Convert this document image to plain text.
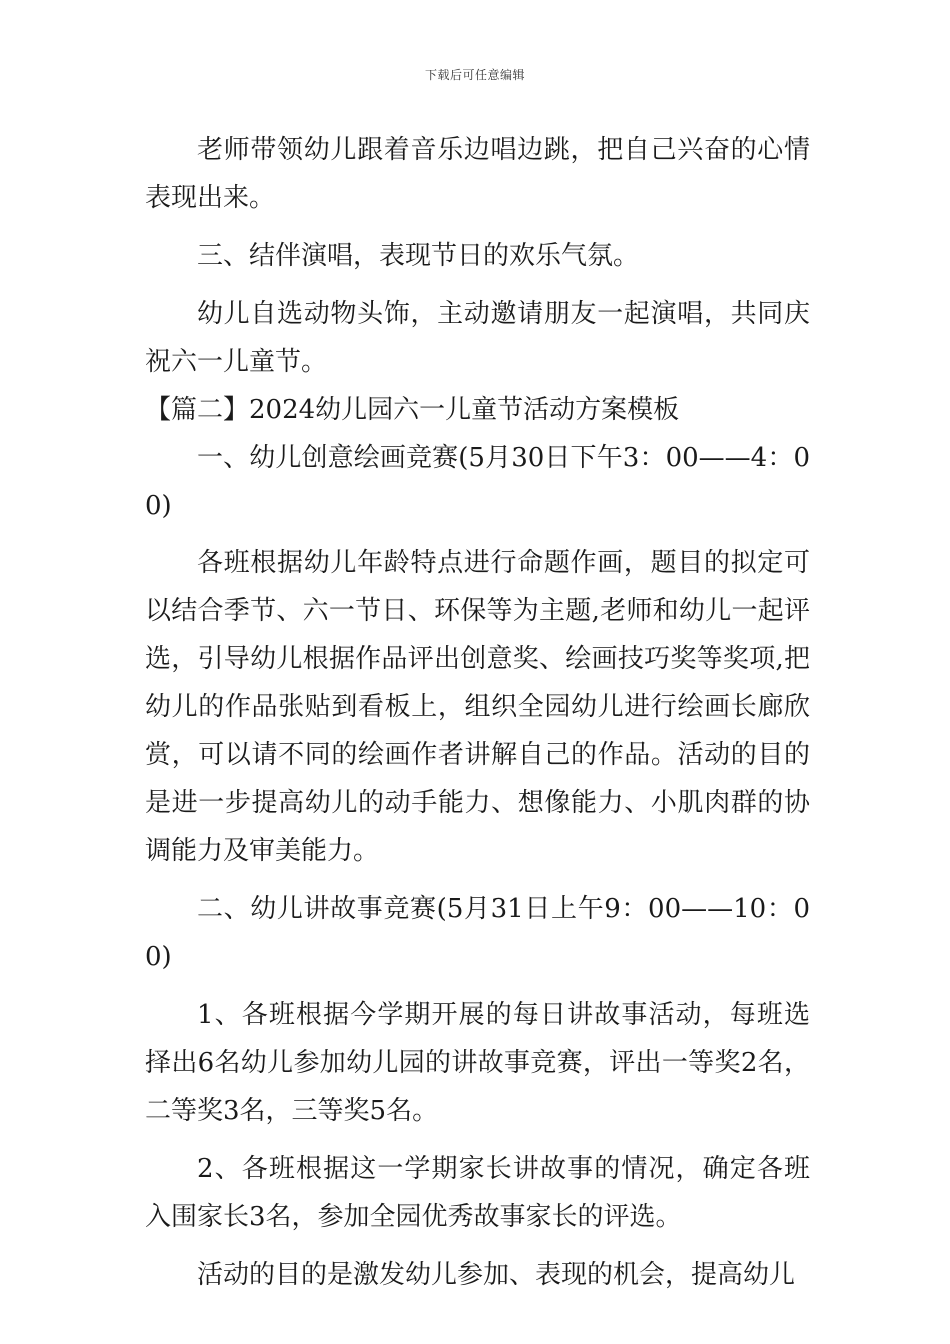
下载后可任意编辑

老师带领幼儿跟着音乐边唱边跳，把自己兴奋的心情表现出来。

三、结伴演唱，表现节日的欢乐气氛。

幼儿自选动物头饰，主动邀请朋友一起演唱，共同庆祝六一儿童节。

【篇二】2024幼儿园六一儿童节活动方案模板

一、幼儿创意绘画竞赛(5月30日下午3：00——4：00)

各班根据幼儿年龄特点进行命题作画，题目的拟定可以结合季节、六一节日、环保等为主题,老师和幼儿一起评选，引导幼儿根据作品评出创意奖、绘画技巧奖等奖项,把幼儿的作品张贴到看板上，组织全园幼儿进行绘画长廊欣赏，可以请不同的绘画作者讲解自己的作品。活动的目的是进一步提高幼儿的动手能力、想像能力、小肌肉群的协调能力及审美能力。

二、幼儿讲故事竞赛(5月31日上午9：00——10：00)

1、各班根据今学期开展的每日讲故事活动，每班选择出6名幼儿参加幼儿园的讲故事竞赛，评出一等奖2名，二等奖3名，三等奖5名。

2、各班根据这一学期家长讲故事的情况，确定各班入围家长3名，参加全园优秀故事家长的评选。

活动的目的是激发幼儿参加、表现的机会，提高幼儿
